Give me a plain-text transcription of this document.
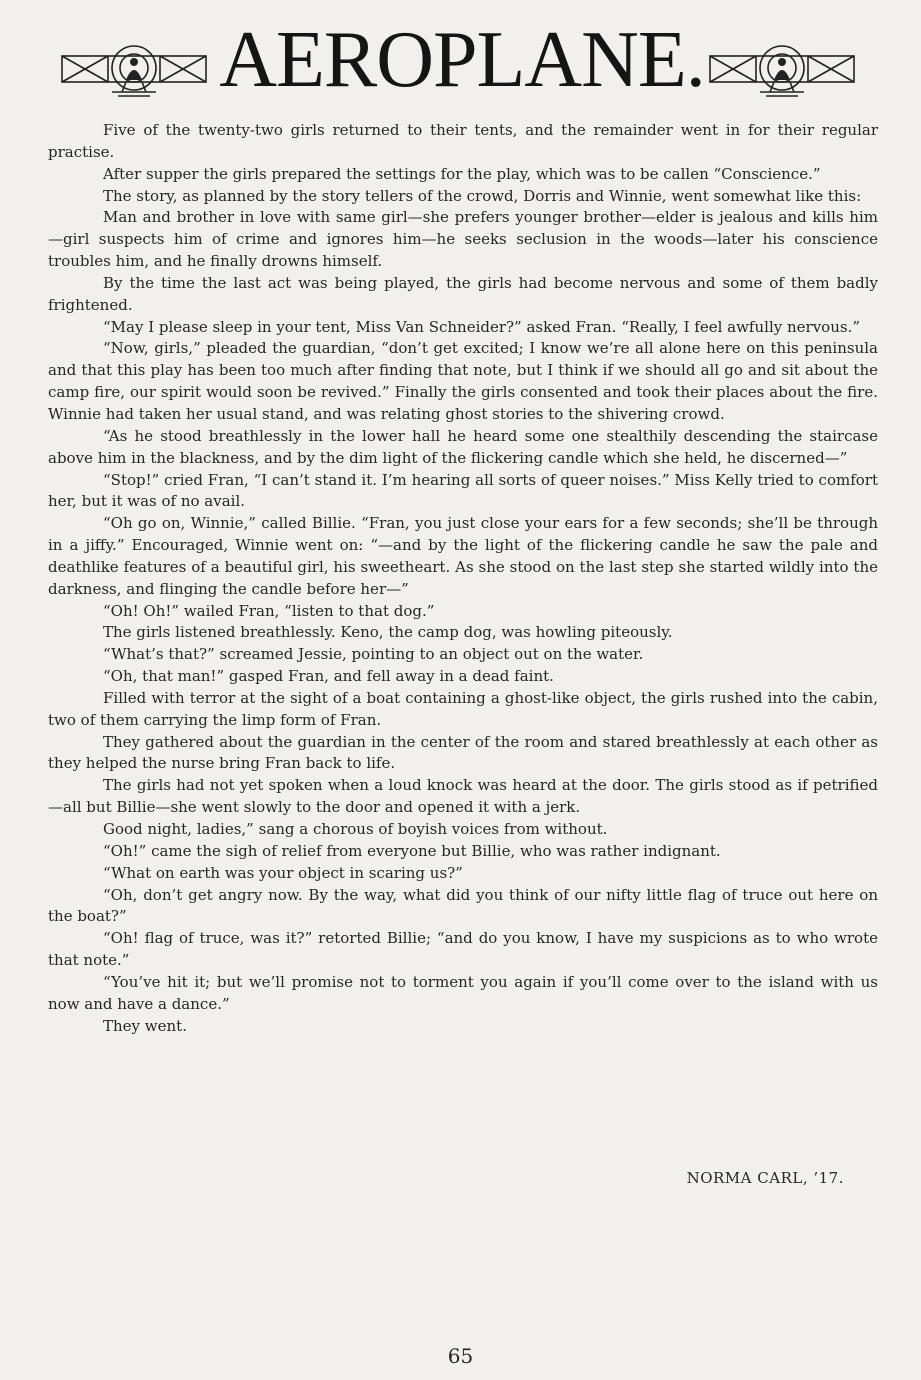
AEROPLANE.

Five of the twenty-two girls returned to their tents, and the remainder went in for their regular practise.

After supper the girls prepared the settings for the play, which was to be callen “Conscience.”

The story, as planned by the story tellers of the crowd, Dorris and Winnie, went somewhat like this:

Man and brother in love with same girl—she prefers younger brother—elder is jealous and kills him—girl suspects him of crime and ignores him—he seeks seclusion in the woods—later his conscience troubles him, and he finally drowns himself.

By the time the last act was being played, the girls had become nervous and some of them badly frightened.

“May I please sleep in your tent, Miss Van Schneider?” asked Fran. “Really, I feel awfully nervous.”

“Now, girls,” pleaded the guardian, “don’t get excited; I know we’re all alone here on this peninsula and that this play has been too much after finding that note, but I think if we should all go and sit about the camp fire, our spirit would soon be revived.” Finally the girls consented and took their places about the fire. Winnie had taken her usual stand, and was relating ghost stories to the shivering crowd.

“As he stood breathlessly in the lower hall he heard some one stealthily descending the staircase above him in the blackness, and by the dim light of the flickering candle which she held, he discerned—”

“Stop!” cried Fran, “I can’t stand it. I’m hearing all sorts of queer noises.” Miss Kelly tried to comfort her, but it was of no avail.

“Oh go on, Winnie,” called Billie. “Fran, you just close your ears for a few seconds; she’ll be through in a jiffy.” Encouraged, Winnie went on: “—and by the light of the flickering candle he saw the pale and deathlike features of a beautiful girl, his sweetheart. As she stood on the last step she started wildly into the darkness, and flinging the candle before her—”

“Oh! Oh!” wailed Fran, “listen to that dog.”

The girls listened breathlessly. Keno, the camp dog, was howling piteously.

“What’s that?” screamed Jessie, pointing to an object out on the water.

“Oh, that man!” gasped Fran, and fell away in a dead faint.

Filled with terror at the sight of a boat containing a ghost-like object, the girls rushed into the cabin, two of them carrying the limp form of Fran.

They gathered about the guardian in the center of the room and stared breathlessly at each other as they helped the nurse bring Fran back to life.

The girls had not yet spoken when a loud knock was heard at the door. The girls stood as if petrified—all but Billie—she went slowly to the door and opened it with a jerk.

Good night, ladies,” sang a chorous of boyish voices from without.

“Oh!” came the sigh of relief from everyone but Billie, who was rather indignant.

“What on earth was your object in scaring us?”

“Oh, don’t get angry now. By the way, what did you think of our nifty little flag of truce out here on the boat?”

“Oh! flag of truce, was it?” retorted Billie; “and do you know, I have my suspicions as to who wrote that note.”

“You’ve hit it; but we’ll promise not to torment you again if you’ll come over to the island with us now and have a dance.”

They went.

NORMA CARL, ’17.
65
